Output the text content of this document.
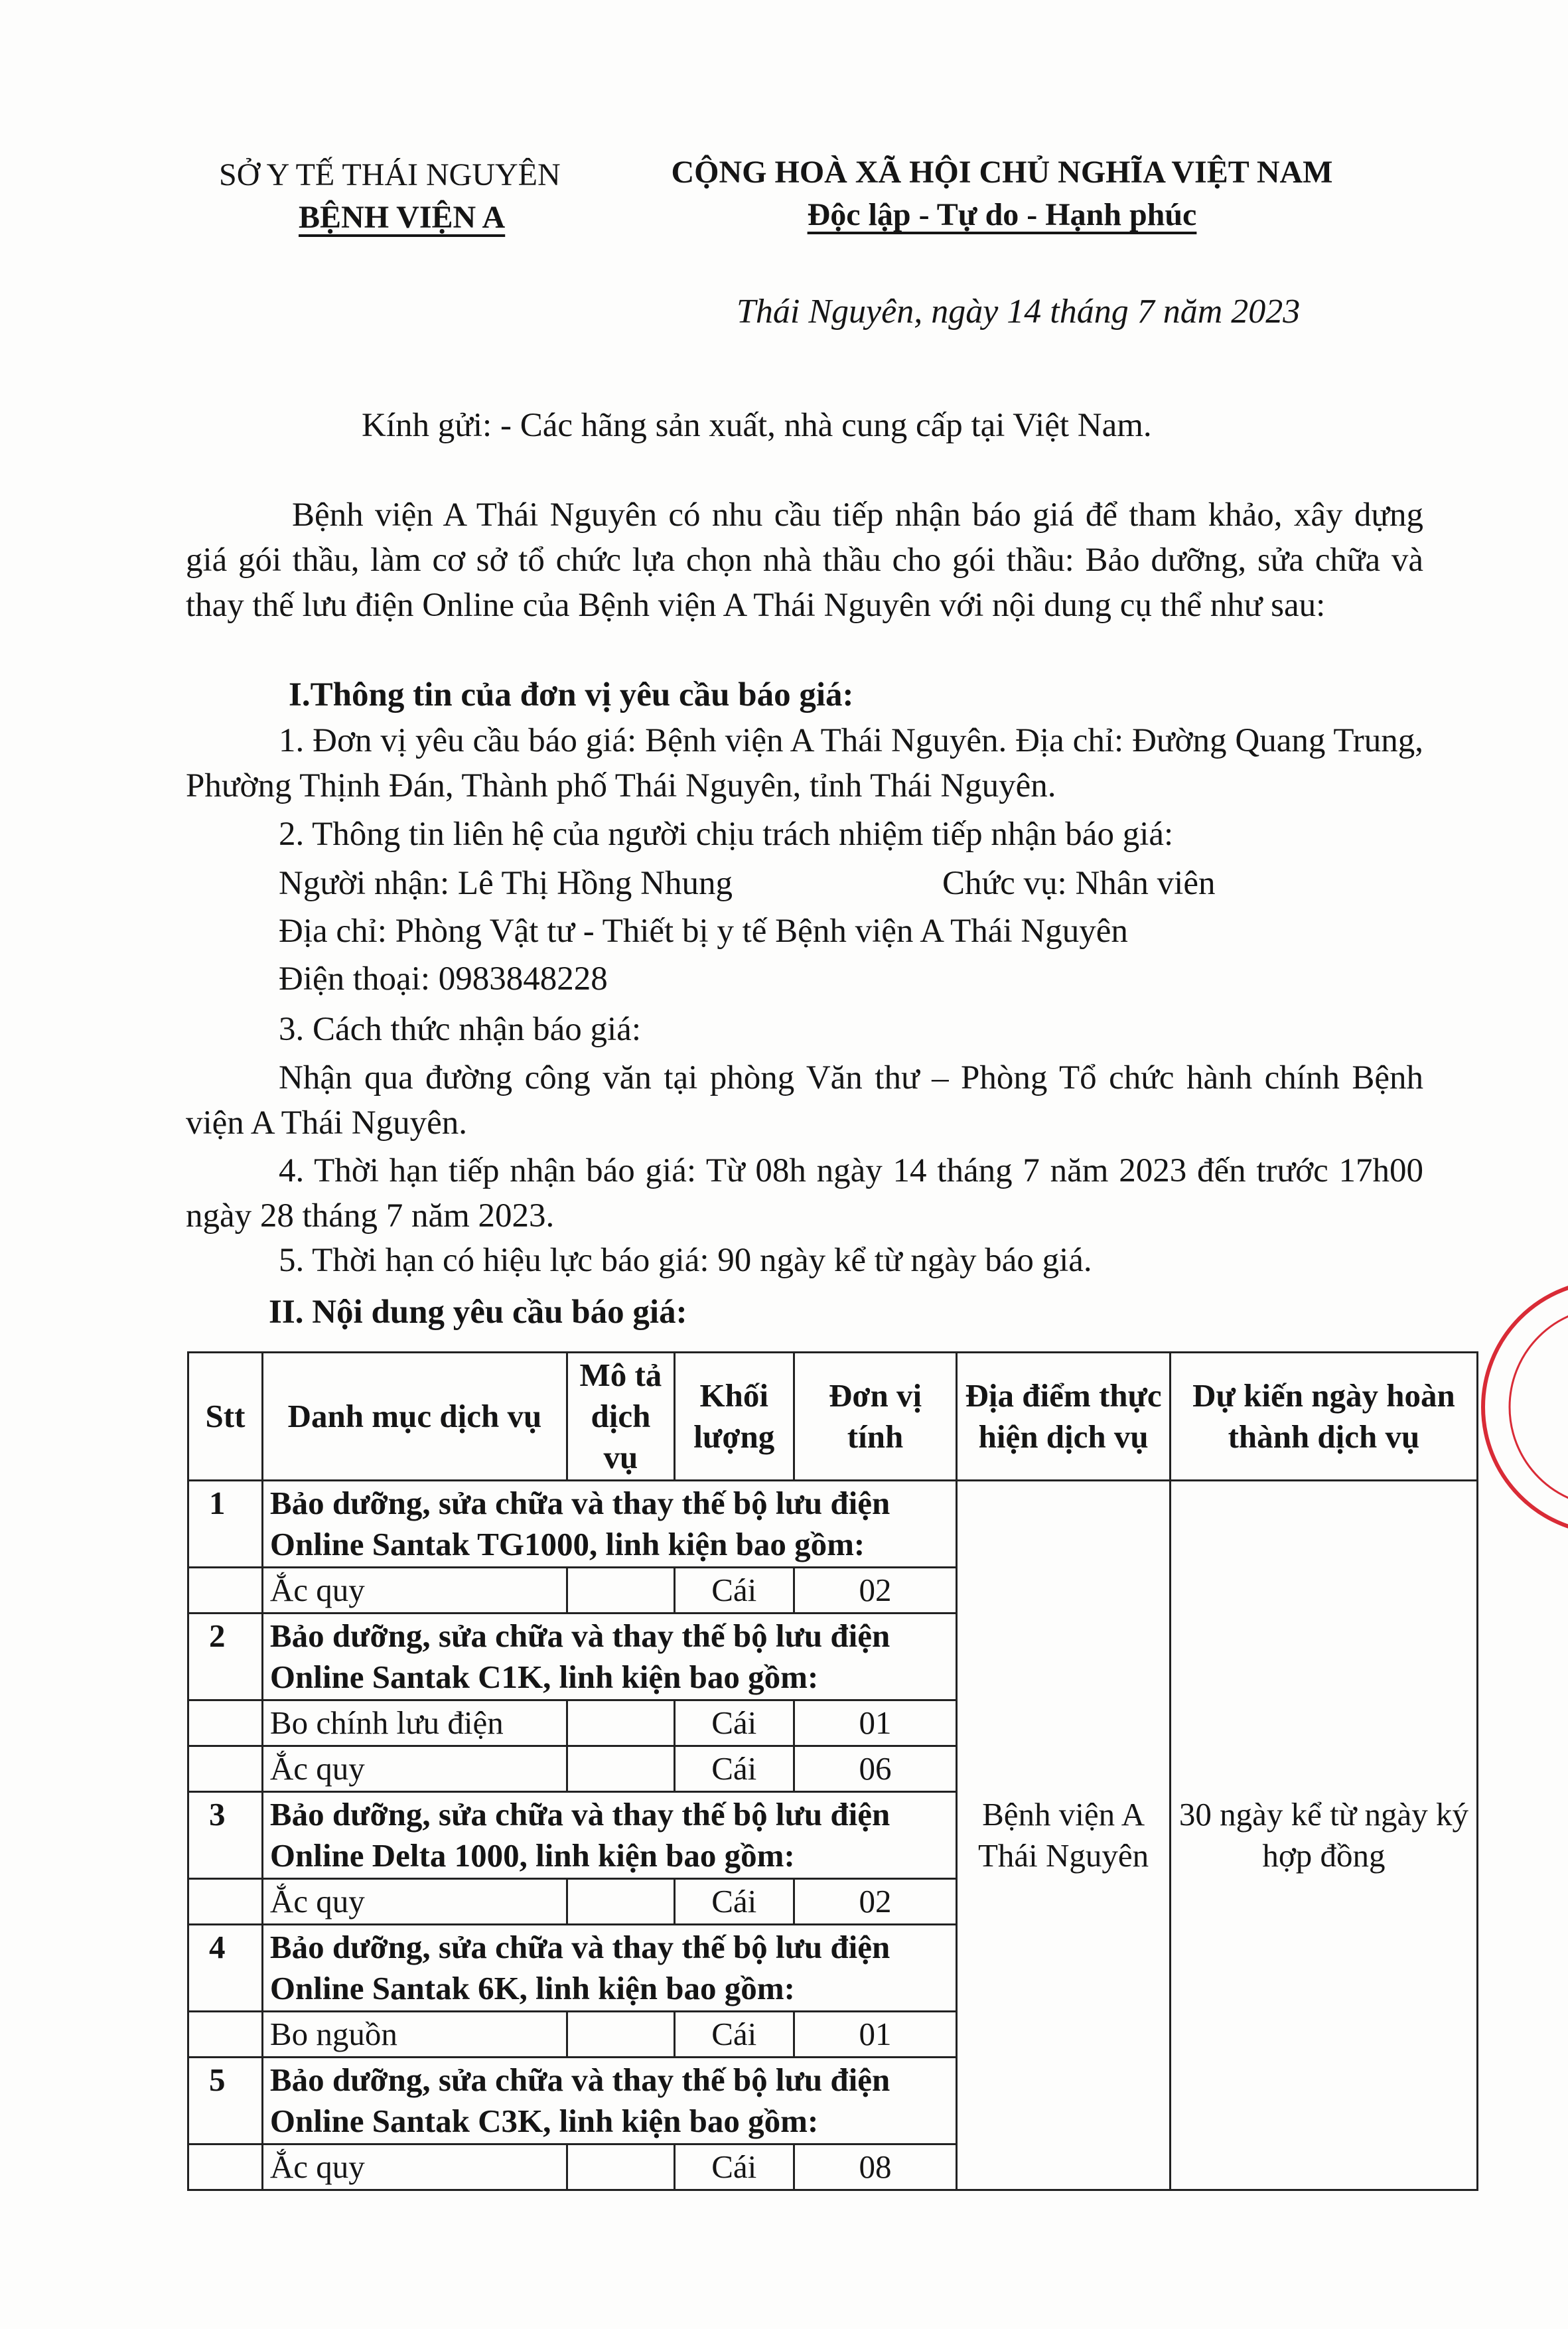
SỞ Y TẾ THÁI NGUYÊN
BỆNH VIỆN A
CỘNG HOÀ XÃ HỘI CHỦ NGHĨA VIỆT NAM
Độc lập - Tự do - Hạnh phúc
Thái Nguyên, ngày 14 tháng 7 năm 2023
Kính gửi: - Các hãng sản xuất, nhà cung cấp tại Việt Nam.
Bệnh viện A Thái Nguyên có nhu cầu tiếp nhận báo giá để tham khảo, xây dựng giá gói thầu, làm cơ sở tổ chức lựa chọn nhà thầu cho gói thầu: Bảo dưỡng, sửa chữa và thay thế lưu điện Online của Bệnh viện A Thái Nguyên với nội dung cụ thể như sau:
I.Thông tin của đơn vị yêu cầu báo giá:
1. Đơn vị yêu cầu báo giá: Bệnh viện A Thái Nguyên. Địa chỉ: Đường Quang Trung, Phường Thịnh Đán, Thành phố Thái Nguyên, tỉnh Thái Nguyên.
2. Thông tin liên hệ của người chịu trách nhiệm tiếp nhận báo giá:
Người nhận: Lê Thị Hồng Nhung	Chức vụ: Nhân viên
Địa chỉ: Phòng Vật tư - Thiết bị y tế Bệnh viện A Thái Nguyên
Điện thoại: 0983848228
3. Cách thức nhận báo giá:
Nhận qua đường công văn tại phòng Văn thư – Phòng Tổ chức hành chính Bệnh viện A Thái Nguyên.
4. Thời hạn tiếp nhận báo giá: Từ 08h ngày 14 tháng 7 năm 2023 đến trước 17h00 ngày 28 tháng 7 năm 2023.
5. Thời hạn có hiệu lực báo giá: 90 ngày kể từ ngày báo giá.
II. Nội dung yêu cầu báo giá:
Stt	Danh mục dịch vụ	Mô tả dịch vụ	Khối lượng	Đơn vị tính	Địa điểm thực hiện dịch vụ	Dự kiến ngày hoàn thành dịch vụ
1	Bảo dưỡng, sửa chữa và thay thế bộ lưu điện Online Santak TG1000, linh kiện bao gồm:				Bệnh viện A Thái Nguyên	30 ngày kể từ ngày ký hợp đồng
	Ắc quy		Cái	02		
2	Bảo dưỡng, sửa chữa và thay thế bộ lưu điện Online Santak C1K, linh kiện bao gồm:					
	Bo chính lưu điện		Cái	01		
	Ắc quy		Cái	06		
3	Bảo dưỡng, sửa chữa và thay thế bộ lưu điện Online Delta 1000, linh kiện bao gồm:					
	Ắc quy		Cái	02		
4	Bảo dưỡng, sửa chữa và thay thế bộ lưu điện Online Santak 6K, linh kiện bao gồm:					
	Bo nguồn		Cái	01		
5	Bảo dưỡng, sửa chữa và thay thế bộ lưu điện Online Santak C3K, linh kiện bao gồm:					
	Ắc quy		Cái	08		
